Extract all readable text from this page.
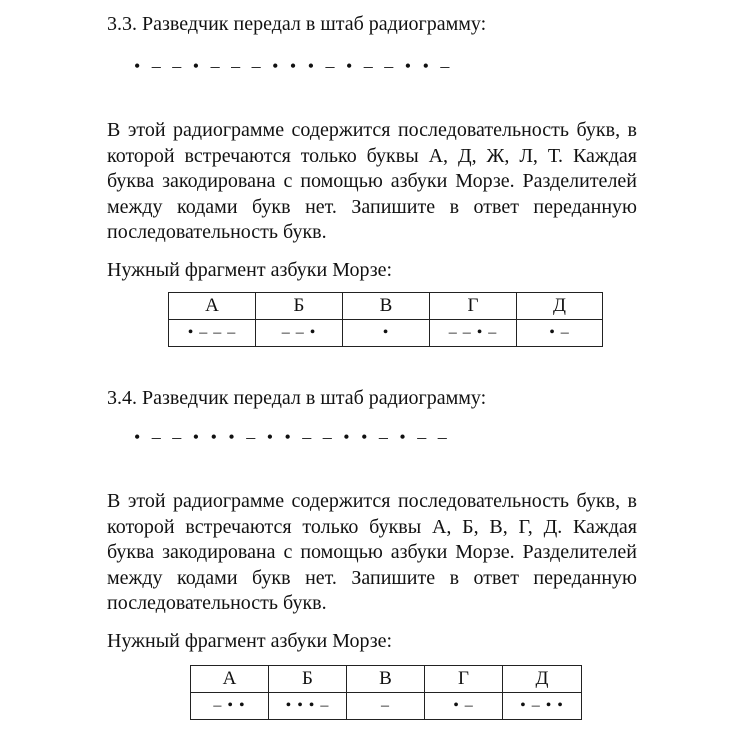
3.3. Разведчик передал в штаб радиограмму:

• – – • – – – • • • – • – – • • –

В этой радиограмме содержится последовательность букв, в которой встречаются только буквы А, Д, Ж, Л, Т. Каждая буква закодирована с помощью азбуки Морзе. Разделителей между кодами букв нет. Запишите в ответ переданную последовательность букв.

Нужный фрагмент азбуки Морзе:

А	Б	В	Г	Д
• – – –	– – •	•	– – • –	• –

3.4. Разведчик передал в штаб радиограмму:

• – – • • • – • • – – • • – • – –

В этой радиограмме содержится последовательность букв, в которой встречаются только буквы А, Б, В, Г, Д. Каждая буква закодирована с помощью азбуки Морзе. Разделителей между кодами букв нет. Запишите в ответ переданную последовательность букв.

Нужный фрагмент азбуки Морзе:

А	Б	В	Г	Д
– • •	• • • –	–	• –	• – • •
